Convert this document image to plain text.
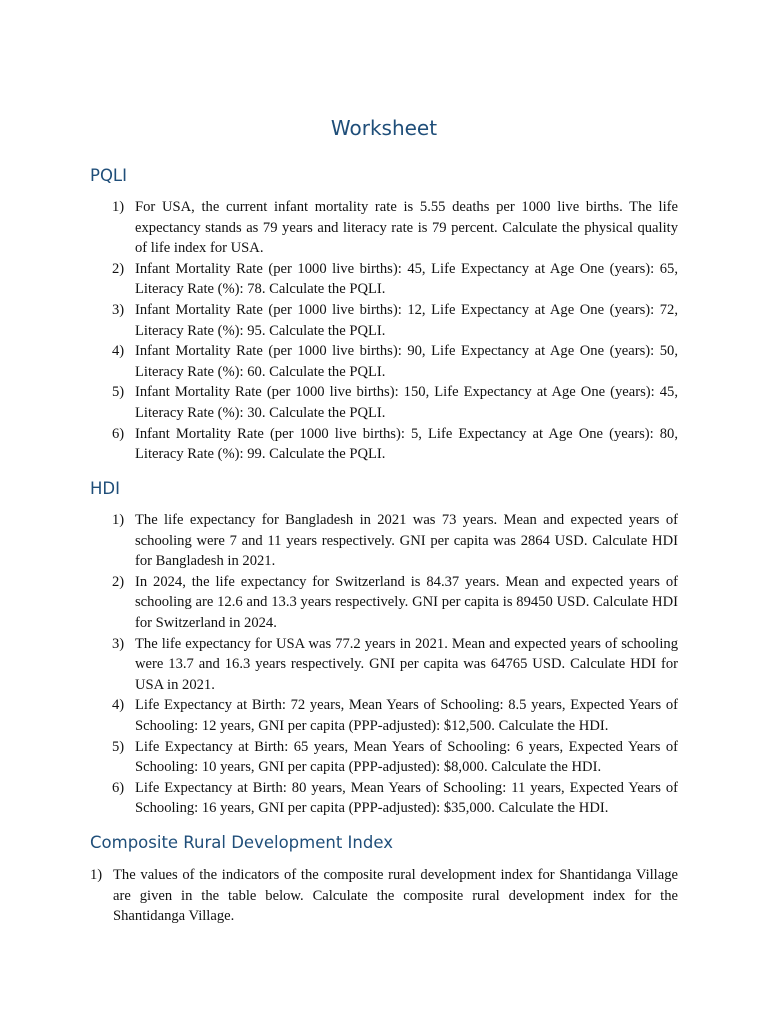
Worksheet
PQLI
1) For USA, the current infant mortality rate is 5.55 deaths per 1000 live births. The life expectancy stands as 79 years and literacy rate is 79 percent. Calculate the physical quality of life index for USA.
2) Infant Mortality Rate (per 1000 live births): 45, Life Expectancy at Age One (years): 65, Literacy Rate (%): 78. Calculate the PQLI.
3) Infant Mortality Rate (per 1000 live births): 12, Life Expectancy at Age One (years): 72, Literacy Rate (%): 95. Calculate the PQLI.
4) Infant Mortality Rate (per 1000 live births): 90, Life Expectancy at Age One (years): 50, Literacy Rate (%): 60. Calculate the PQLI.
5) Infant Mortality Rate (per 1000 live births): 150, Life Expectancy at Age One (years): 45, Literacy Rate (%): 30. Calculate the PQLI.
6) Infant Mortality Rate (per 1000 live births): 5, Life Expectancy at Age One (years): 80, Literacy Rate (%): 99. Calculate the PQLI.
HDI
1) The life expectancy for Bangladesh in 2021 was 73 years. Mean and expected years of schooling were 7 and 11 years respectively. GNI per capita was 2864 USD. Calculate HDI for Bangladesh in 2021.
2) In 2024, the life expectancy for Switzerland is 84.37 years. Mean and expected years of schooling are 12.6 and 13.3 years respectively. GNI per capita is 89450 USD. Calculate HDI for Switzerland in 2024.
3) The life expectancy for USA was 77.2 years in 2021. Mean and expected years of schooling were 13.7 and 16.3 years respectively. GNI per capita was 64765 USD. Calculate HDI for USA in 2021.
4) Life Expectancy at Birth: 72 years, Mean Years of Schooling: 8.5 years, Expected Years of Schooling: 12 years, GNI per capita (PPP-adjusted): $12,500. Calculate the HDI.
5) Life Expectancy at Birth: 65 years, Mean Years of Schooling: 6 years, Expected Years of Schooling: 10 years, GNI per capita (PPP-adjusted): $8,000. Calculate the HDI.
6) Life Expectancy at Birth: 80 years, Mean Years of Schooling: 11 years, Expected Years of Schooling: 16 years, GNI per capita (PPP-adjusted): $35,000. Calculate the HDI.
Composite Rural Development Index
1) The values of the indicators of the composite rural development index for Shantidanga Village are given in the table below. Calculate the composite rural development index for the Shantidanga Village.
